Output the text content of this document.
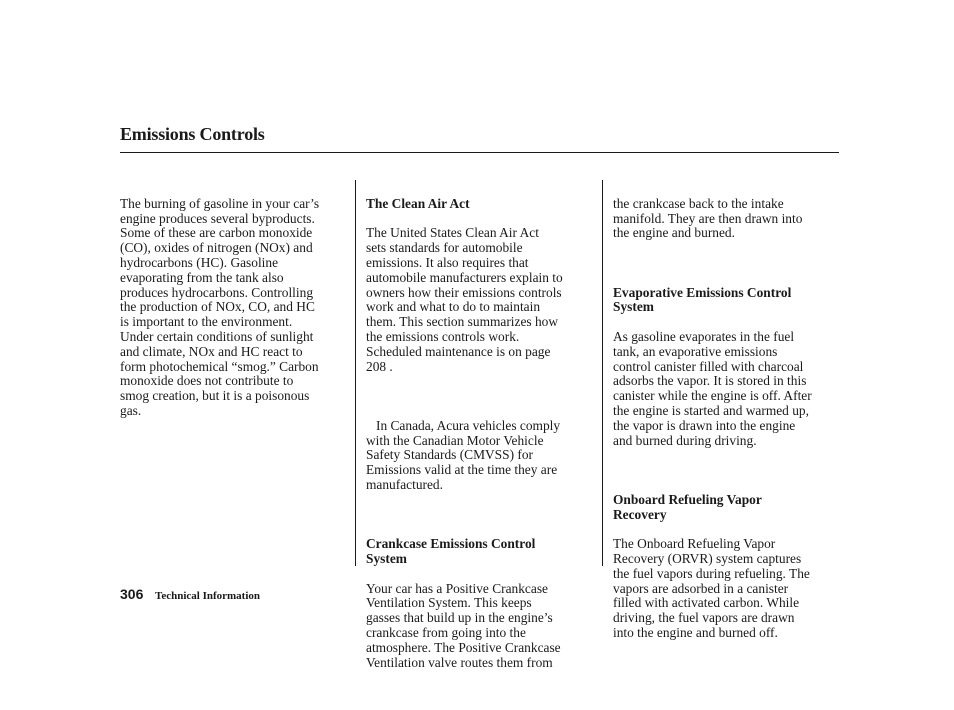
Emissions Controls

The burning of gasoline in your car’s
engine produces several byproducts.
Some of these are carbon monoxide
(CO), oxides of nitrogen (NOx) and
hydrocarbons (HC). Gasoline
evaporating from the tank also
produces hydrocarbons. Controlling
the production of NOx, CO, and HC
is important to the environment.
Under certain conditions of sunlight
and climate, NOx and HC react to
form photochemical “smog.” Carbon
monoxide does not contribute to
smog creation, but it is a poisonous
gas.

The Clean Air Act

The United States Clean Air Act
sets standards for automobile
emissions. It also requires that
automobile manufacturers explain to
owners how their emissions controls
work and what to do to maintain
them. This section summarizes how
the emissions controls work.
Scheduled maintenance is on page
208 .

In Canada, Acura vehicles comply
with the Canadian Motor Vehicle
Safety Standards (CMVSS) for
Emissions valid at the time they are
manufactured.

Crankcase Emissions Control
System

Your car has a Positive Crankcase
Ventilation System. This keeps
gasses that build up in the engine’s
crankcase from going into the
atmosphere. The Positive Crankcase
Ventilation valve routes them from

the crankcase back to the intake
manifold. They are then drawn into
the engine and burned.

Evaporative Emissions Control
System

As gasoline evaporates in the fuel
tank, an evaporative emissions
control canister filled with charcoal
adsorbs the vapor. It is stored in this
canister while the engine is off. After
the engine is started and warmed up,
the vapor is drawn into the engine
and burned during driving.

Onboard Refueling Vapor
Recovery

The Onboard Refueling Vapor
Recovery (ORVR) system captures
the fuel vapors during refueling. The
vapors are adsorbed in a canister
filled with activated carbon. While
driving, the fuel vapors are drawn
into the engine and burned off.

306 Technical Information
